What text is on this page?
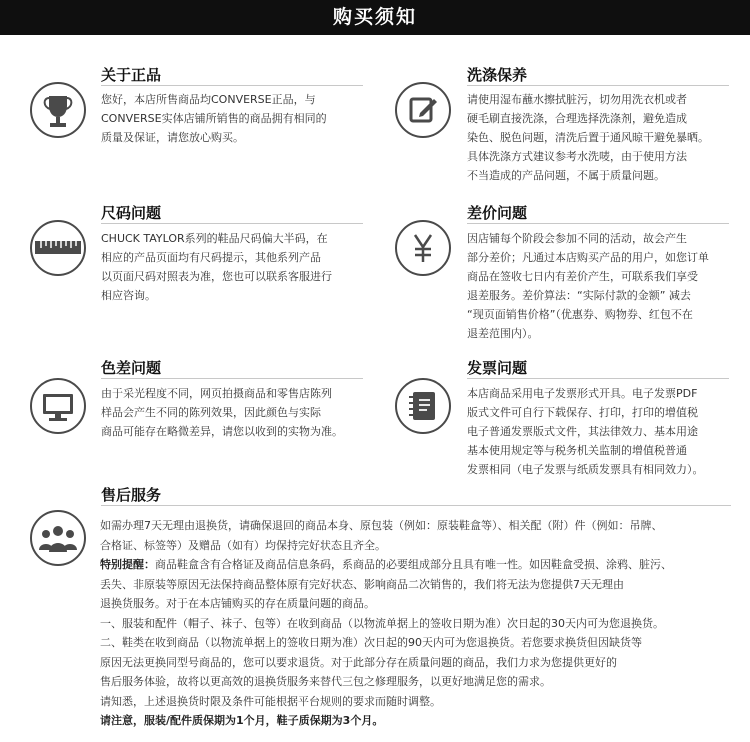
购买须知
关于正品
您好，本店所售商品均CONVERSE正品，与
CONVERSE实体店铺所销售的商品拥有相同的
质量及保证，请您放心购买。
洗涤保养
请使用湿布蘸水擦拭脏污，切勿用洗衣机或者
硬毛刷直接洗涤，合理选择洗涤剂，避免造成
染色、脱色问题，清洗后置于通风晾干避免暴晒。
具体洗涤方式建议参考水洗唛，由于使用方法
不当造成的产品问题，不属于质量问题。
尺码问题
CHUCK TAYLOR系列的鞋品尺码偏大半码，在
相应的产品页面均有尺码提示，其他系列产品
以页面尺码对照表为准，您也可以联系客服进行
相应咨询。
差价问题
因店铺每个阶段会参加不同的活动，故会产生
部分差价；凡通过本店购买产品的用户，如您订单
商品在签收七日内有差价产生，可联系我们享受
退差服务。差价算法：“实际付款的金额” 减去
“现页面销售价格”（优惠券、购物券、红包不在
退差范围内）。
色差问题
由于采光程度不同，网页拍摄商品和零售店陈列
样品会产生不同的陈列效果，因此颜色与实际
商品可能存在略微差异，请您以收到的实物为准。
发票问题
本店商品采用电子发票形式开具。电子发票PDF
版式文件可自行下载保存、打印，打印的增值税
电子普通发票版式文件，其法律效力、基本用途
基本使用规定等与税务机关监制的增值税普通
发票相同（电子发票与纸质发票具有相同效力）。
售后服务
如需办理7天无理由退换货，请确保退回的商品本身、原包装（例如：原装鞋盒等）、相关配（附）件（例如：吊牌、
合格证、标签等）及赠品（如有）均保持完好状态且齐全。
特别提醒：商品鞋盒含有合格证及商品信息条码，系商品的必要组成部分且具有唯一性。如因鞋盒受损、涂鸦、脏污、
丢失、非原装等原因无法保持商品整体原有完好状态、影响商品二次销售的，我们将无法为您提供7天无理由
退换货服务。对于在本店铺购买的存在质量问题的商品。
一、服装和配件（帽子、袜子、包等）在收到商品（以物流单据上的签收日期为准）次日起的30天内可为您退换货。
二、鞋类在收到商品（以物流单据上的签收日期为准）次日起的90天内可为您退换货。若您要求换货但因缺货等
原因无法更换同型号商品的，您可以要求退货。对于此部分存在质量问题的商品，我们力求为您提供更好的
售后服务体验，故将以更高效的退换货服务来替代三包之修理服务，以更好地满足您的需求。
请知悉，上述退换货时限及条件可能根据平台规则的要求而随时调整。
请注意，服装/配件质保期为1个月，鞋子质保期为3个月。
